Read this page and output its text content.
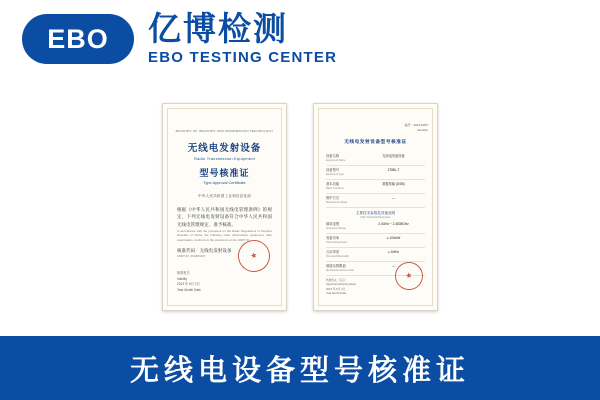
EBO	亿博检测
EBO TESTING CENTER
MINISTRY OF INDUSTRY AND INFORMATION TECHNOLOGY
无线电发射设备
Radio Transmission Equipment
型号核准证
Type Approval Certificate
中华人民共和国工业和信息化部
根据《中华人民共和国无线电管理条例》的规定，下列无线电发射设备符合中华人民共和国无线电管理规定，准予核准。
In accordance with the provisions on the Radio Regulations of People's Republic of China, the following radio transmission equipment, after examination, conforms to the provisions on the CMIIT ID.
核准代码：无线电发射设备
CMIIT ID: 2013PD107
核准机关
Validity
2013 年 6月 2日
Year Month Date
★
编号：2013-0207
Number
无线电发射设备型号核准证
设备名称
Equipment Name
无线电发射设备
设备型号
Equipment Type
2788L-T
基本功能
Basic Functions
数据传输 (DSB)
维护方式
Maintenance Mode
—
主要技术参数及其他说明
Main Technical Parameters
频率范围
Frequency Range
2.4GHz ~ 2.4835GHz
发射功率
Transmitting Power
≤ 100mW
占用带宽
Occupied Bandwidth
≤ 1MHz
频谱杂散限值
Spurious Emission Limits
—
核准机关（签章）
Approval Authority (Seal)
2013 年 6月 2日
Year Month Date
★
无线电设备型号核准证
